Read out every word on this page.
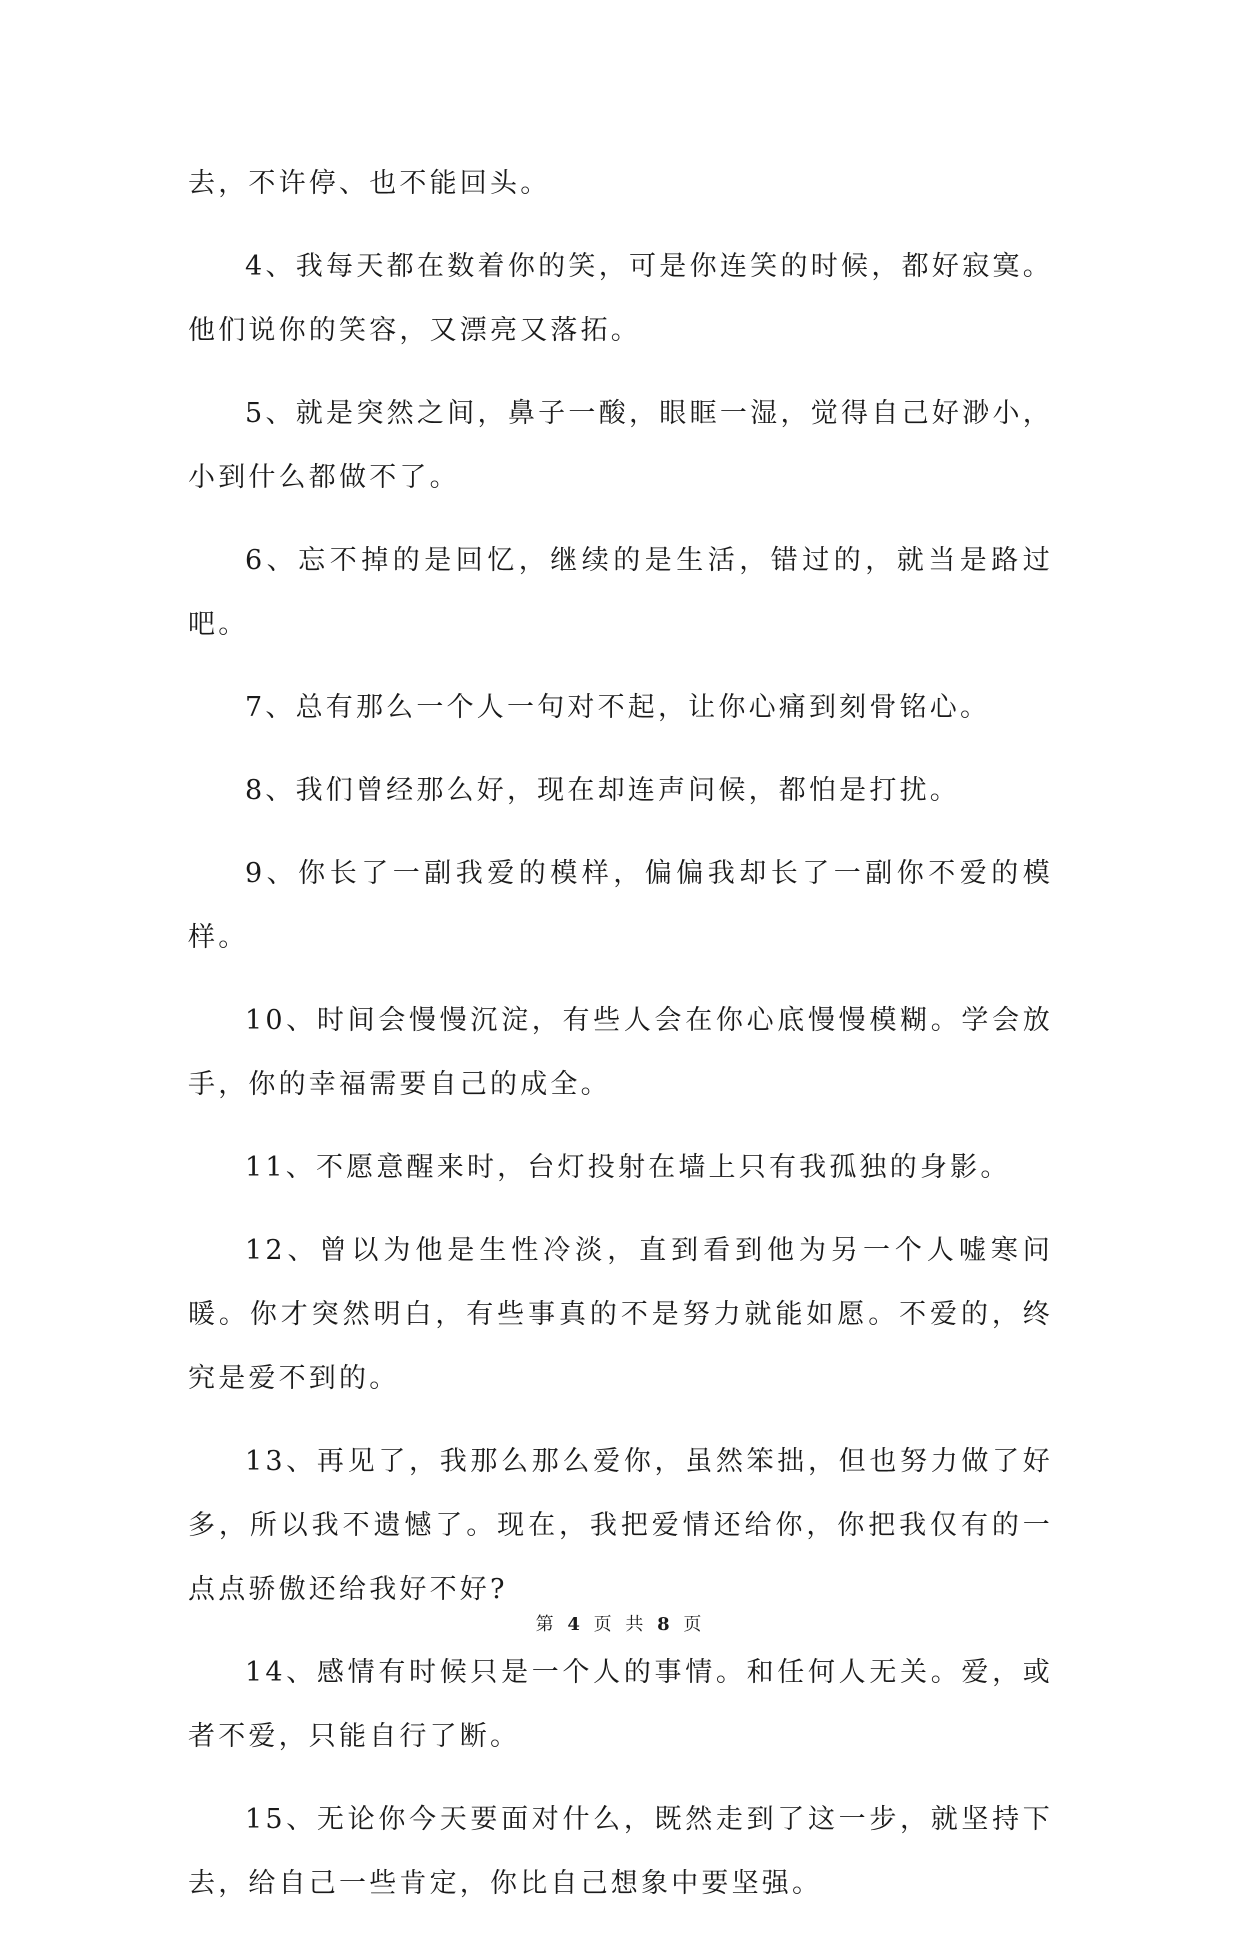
去，不许停、也不能回头。

4、我每天都在数着你的笑，可是你连笑的时候，都好寂寞。他们说你的笑容，又漂亮又落拓。

5、就是突然之间，鼻子一酸，眼眶一湿，觉得自己好渺小，小到什么都做不了。

6、忘不掉的是回忆，继续的是生活，错过的，就当是路过吧。

7、总有那么一个人一句对不起，让你心痛到刻骨铭心。

8、我们曾经那么好，现在却连声问候，都怕是打扰。

9、你长了一副我爱的模样，偏偏我却长了一副你不爱的模样。

10、时间会慢慢沉淀，有些人会在你心底慢慢模糊。学会放手，你的幸福需要自己的成全。

11、不愿意醒来时，台灯投射在墙上只有我孤独的身影。

12、曾以为他是生性冷淡，直到看到他为另一个人嘘寒问暖。你才突然明白，有些事真的不是努力就能如愿。不爱的，终究是爱不到的。

13、再见了，我那么那么爱你，虽然笨拙，但也努力做了好多，所以我不遗憾了。现在，我把爱情还给你，你把我仅有的一点点骄傲还给我好不好?

14、感情有时候只是一个人的事情。和任何人无关。爱，或者不爱，只能自行了断。

15、无论你今天要面对什么，既然走到了这一步，就坚持下去，给自己一些肯定，你比自己想象中要坚强。

第 4 页 共 8 页
